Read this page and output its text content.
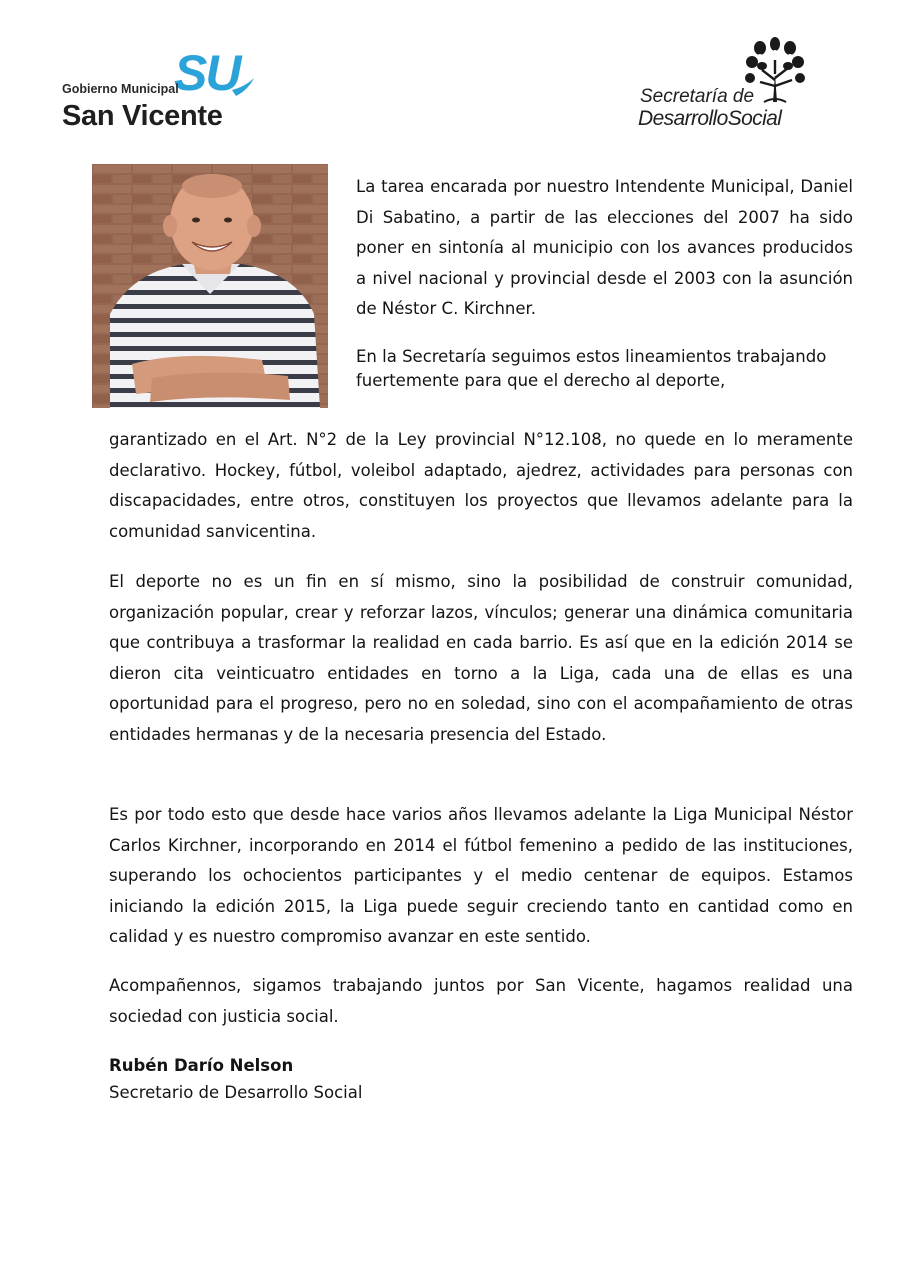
SU
Gobierno Municipal
San Vicente
Secretaría de
DesarrolloSocial

La tarea encarada por nuestro Intendente Municipal, Daniel Di Sabatino, a partir de las elecciones del 2007 ha sido poner en sintonía al municipio con los avances producidos a nivel nacional y provincial desde el 2003 con la asunción de Néstor C. Kirchner.

En la Secretaría seguimos estos lineamientos trabajando fuertemente para que el derecho al deporte,

garantizado en el Art. N°2 de la Ley provincial N°12.108, no quede en lo meramente declarativo. Hockey, fútbol, voleibol adaptado, ajedrez, actividades para personas con discapacidades, entre otros, constituyen los proyectos que llevamos adelante para la comunidad sanvicentina.

El deporte no es un fin en sí mismo, sino la posibilidad de construir comunidad, organización popular, crear y reforzar lazos, vínculos; generar una dinámica comunitaria que contribuya a trasformar la realidad en cada barrio. Es así que en la edición 2014 se dieron cita veinticuatro entidades en torno a la Liga, cada una de ellas es una oportunidad para el progreso, pero no en soledad, sino con el acompañamiento de otras entidades hermanas y de la necesaria presencia del Estado.

Es por todo esto que desde hace varios años llevamos adelante la Liga Municipal Néstor Carlos Kirchner, incorporando en 2014 el fútbol femenino a pedido de las instituciones, superando los ochocientos participantes y el medio centenar de equipos. Estamos iniciando la edición 2015, la Liga puede seguir creciendo tanto en cantidad como en calidad y es nuestro compromiso avanzar en este sentido.

Acompañennos, sigamos trabajando juntos por San Vicente, hagamos realidad una sociedad con justicia social.

Rubén Darío Nelson

Secretario de Desarrollo Social
